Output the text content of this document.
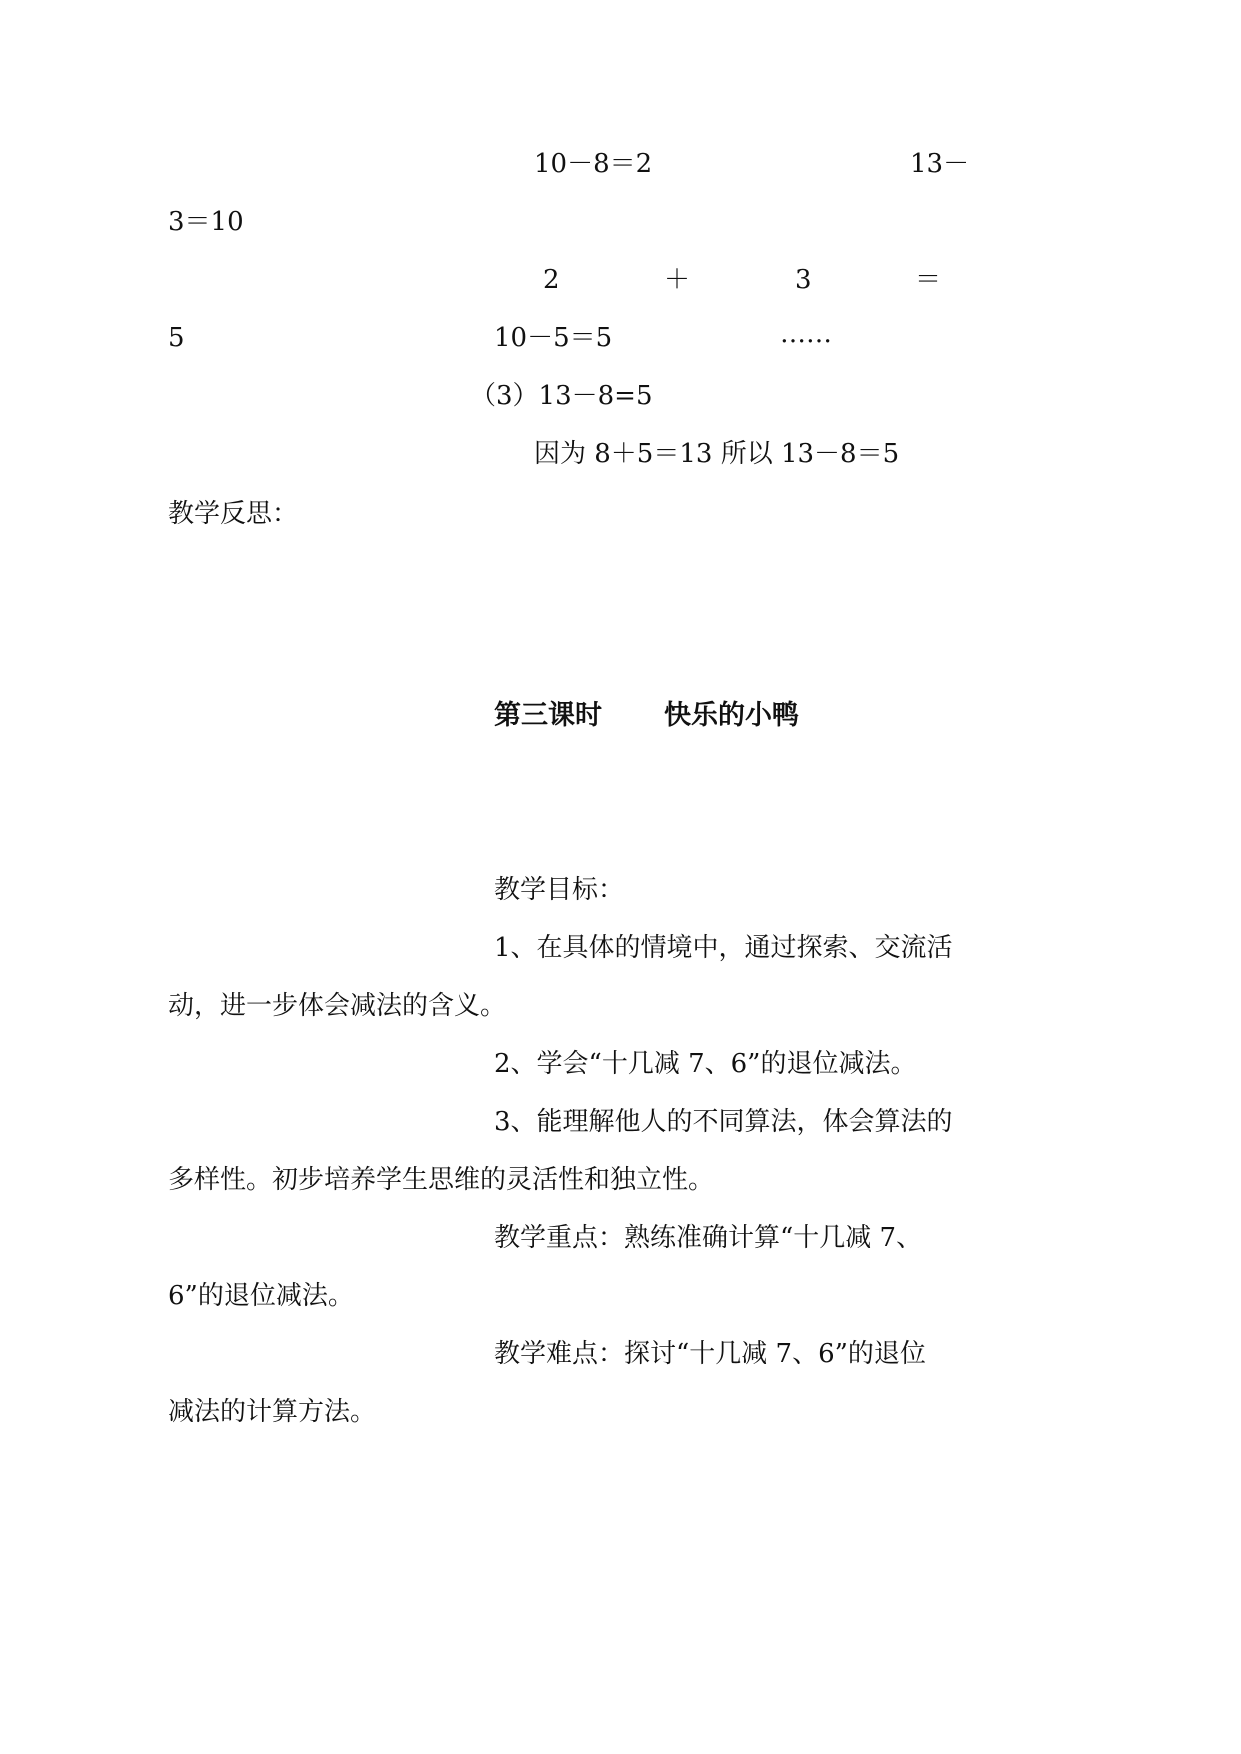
10－8＝2	13－
3＝10
2	＋	3	＝
5	10－5＝5	……
（3）13－8=5
因为 8＋5＝13 所以 13－8＝5
教学反思：
第三课时 快乐的小鸭
教学目标：
1、在具体的情境中，通过探索、交流活
动，进一步体会减法的含义。
2、学会“十几减 7、6”的退位减法。
3、能理解他人的不同算法，体会算法的
多样性。初步培养学生思维的灵活性和独立性。
教学重点：熟练准确计算“十几减 7、
6”的退位减法。
教学难点：探讨“十几减 7、6”的退位
减法的计算方法。
